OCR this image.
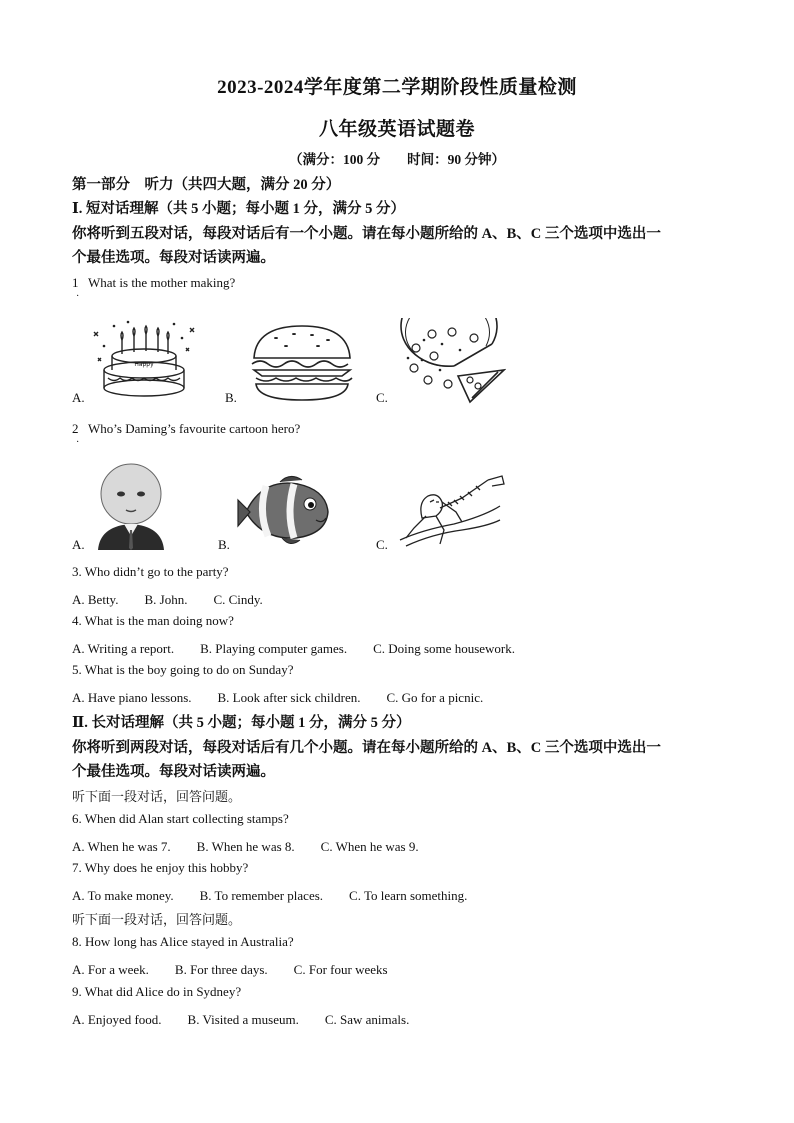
2023-2024学年度第二学期阶段性质量检测
八年级英语试题卷
（满分：100 分　　时间：90 分钟）
第一部分　听力（共四大题，满分 20 分）
Ⅰ. 短对话理解（共 5 小题；每小题 1 分，满分 5 分）
你将听到五段对话，每段对话后有一个小题。请在每小题所给的 A、B、C 三个选项中选出一
个最佳选项。每段对话读两遍。
1 What is the mother making?
·
A.	B.	C.
Happy
2 Who’s Daming’s favourite cartoon hero?
·
A.	B.	C.
3. Who didn’t go to the party?
A. Betty.　　B. John.　　C. Cindy.
4. What is the man doing now?
A. Writing a report.　　B. Playing computer games.　　C. Doing some housework.
5. What is the boy going to do on Sunday?
A. Have piano lessons.　　B. Look after sick children.　　C. Go for a picnic.
Ⅱ. 长对话理解（共 5 小题；每小题 1 分，满分 5 分）
你将听到两段对话，每段对话后有几个小题。请在每小题所给的 A、B、C 三个选项中选出一
个最佳选项。每段对话读两遍。
听下面一段对话，回答问题。
6. When did Alan start collecting stamps?
A. When he was 7.　　B. When he was 8.　　C. When he was 9.
7. Why does he enjoy this hobby?
A. To make money.　　B. To remember places.　　C. To learn something.
听下面一段对话，回答问题。
8. How long has Alice stayed in Australia?
A. For a week.　　B. For three days.　　C. For four weeks
9. What did Alice do in Sydney?
A. Enjoyed food.　　B. Visited a museum.　　C. Saw animals.
